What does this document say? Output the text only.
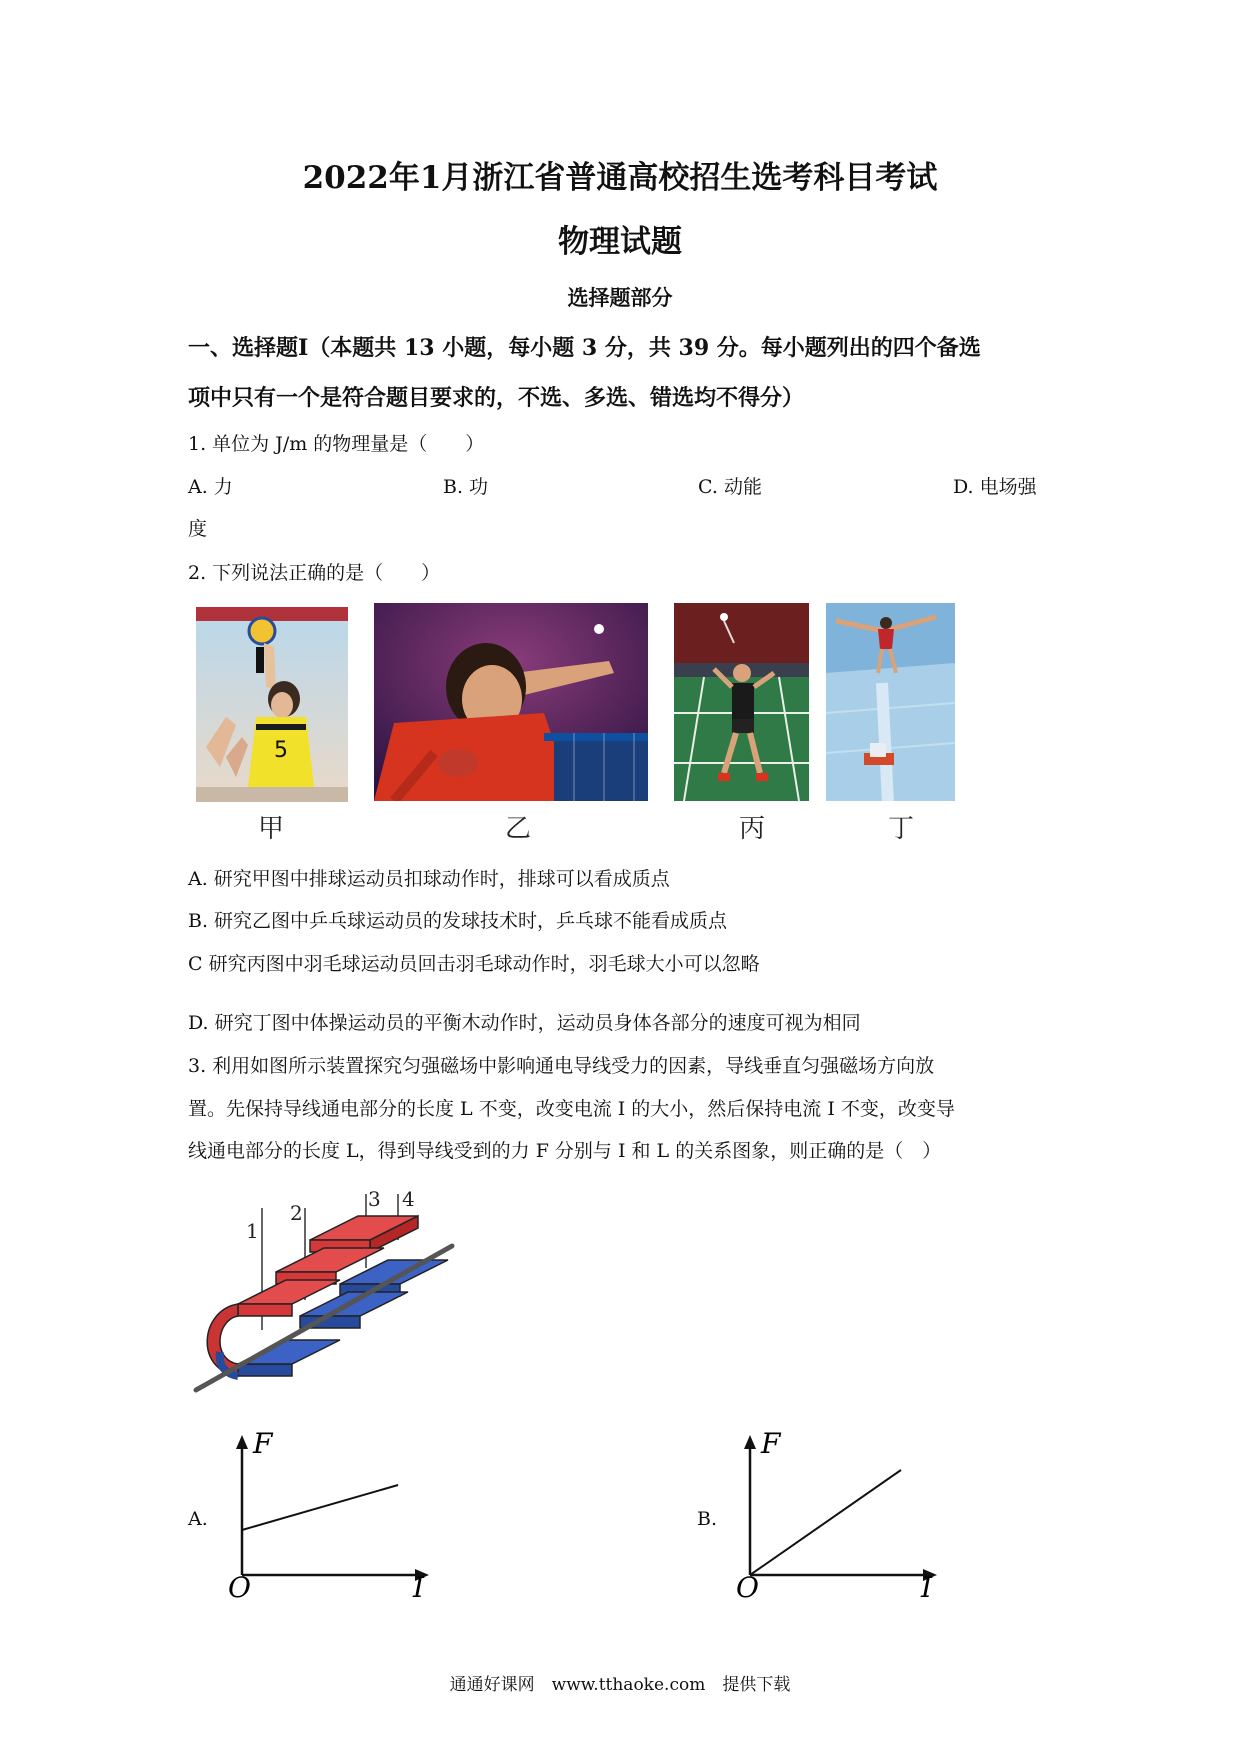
2022年1月浙江省普通高校招生选考科目考试
物理试题
选择题部分
一、选择题Ⅰ（本题共 13 小题，每小题 3 分，共 39 分。每小题列出的四个备选
项中只有一个是符合题目要求的，不选、多选、错选均不得分）
1. 单位为 J/m 的物理量是（　　）
A. 力	B. 功	C. 动能	D. 电场强
度
2. 下列说法正确的是（　　）
5
甲	乙	丙	丁
A. 研究甲图中排球运动员扣球动作时，排球可以看成质点
B. 研究乙图中乒乓球运动员的发球技术时，乒乓球不能看成质点
C 研究丙图中羽毛球运动员回击羽毛球动作时，羽毛球大小可以忽略
D. 研究丁图中体操运动员的平衡木动作时，运动员身体各部分的速度可视为相同
3. 利用如图所示装置探究匀强磁场中影响通电导线受力的因素，导线垂直匀强磁场方向放
置。先保持导线通电部分的长度 L 不变，改变电流 I 的大小，然后保持电流 I 不变，改变导
线通电部分的长度 L，得到导线受到的力 F 分别与 I 和 L 的关系图象，则正确的是（　）
1
2
3 4
A.
F
O	I
B.
F
O	I
通通好课网　www.tthaoke.com　提供下载
